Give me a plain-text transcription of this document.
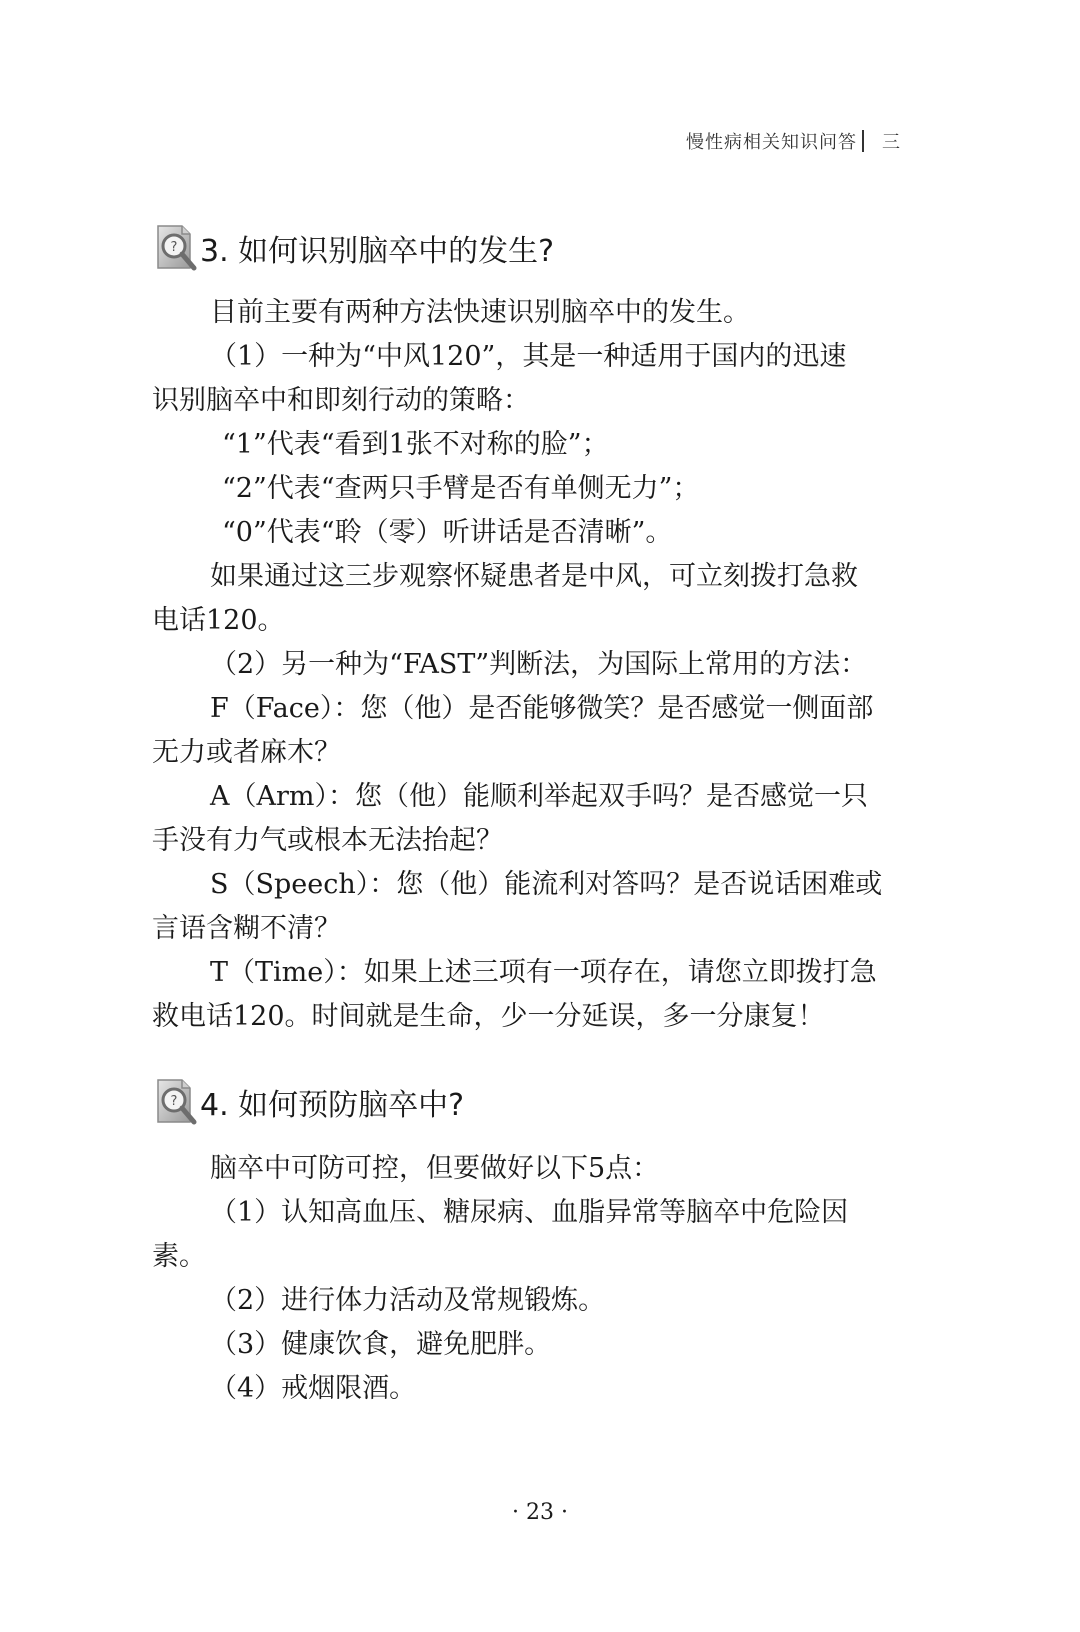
慢性病相关知识问答 三
? 3. 如何识别脑卒中的发生?

目前主要有两种方法快速识别脑卒中的发生。

（1）一种为“中风120”，其是一种适用于国内的迅速

识别脑卒中和即刻行动的策略：

“1”代表“看到1张不对称的脸”；

“2”代表“查两只手臂是否有单侧无力”；

“0”代表“聆（零）听讲话是否清晰”。

如果通过这三步观察怀疑患者是中风，可立刻拨打急救

电话120。

（2）另一种为“FAST”判断法，为国际上常用的方法：

F（Face）：您（他）是否能够微笑？是否感觉一侧面部

无力或者麻木？

A（Arm）：您（他）能顺利举起双手吗？是否感觉一只

手没有力气或根本无法抬起？

S（Speech）：您（他）能流利对答吗？是否说话困难或

言语含糊不清？

T（Time）：如果上述三项有一项存在，请您立即拨打急

救电话120。时间就是生命，少一分延误，多一分康复！

? 4. 如何预防脑卒中?

脑卒中可防可控，但要做好以下5点：

（1）认知高血压、糖尿病、血脂异常等脑卒中危险因

素。

（2）进行体力活动及常规锻炼。

（3）健康饮食，避免肥胖。

（4）戒烟限酒。

· 23 ·
